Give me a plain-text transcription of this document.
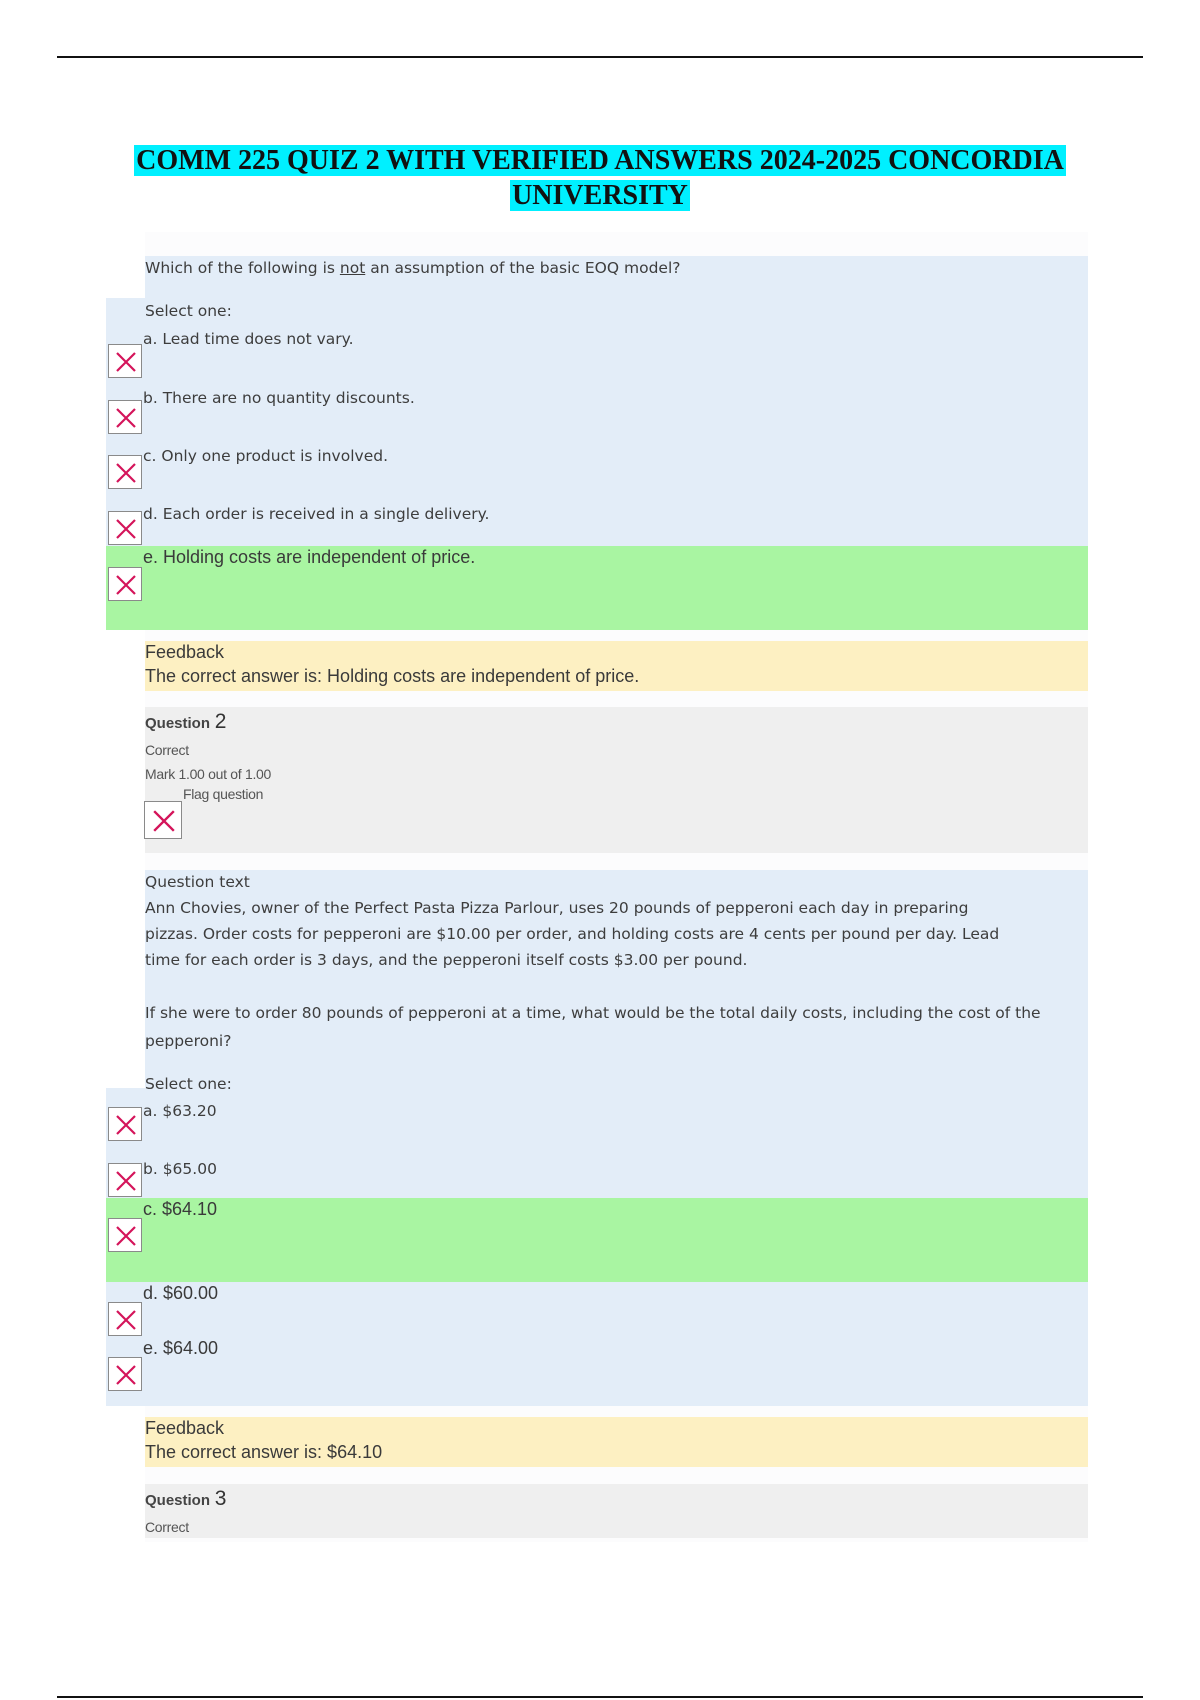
COMM 225 QUIZ 2 WITH VERIFIED ANSWERS 2024-2025 CONCORDIA
UNIVERSITY
Which of the following is not an assumption of the basic EOQ model?
Select one:
a. Lead time does not vary.
b. There are no quantity discounts.
c. Only one product is involved.
d. Each order is received in a single delivery.
e. Holding costs are independent of price.
Feedback
The correct answer is: Holding costs are independent of price.
Question 2
Correct
Mark 1.00 out of 1.00
Flag question
Question text
Ann Chovies, owner of the Perfect Pasta Pizza Parlour, uses 20 pounds of pepperoni each day in preparing
pizzas. Order costs for pepperoni are $10.00 per order, and holding costs are 4 cents per pound per day. Lead
time for each order is 3 days, and the pepperoni itself costs $3.00 per pound.
If she were to order 80 pounds of pepperoni at a time, what would be the total daily costs, including the cost of the
pepperoni?
Select one:
a. $63.20
b. $65.00
c. $64.10
d. $60.00
e. $64.00
Feedback
The correct answer is: $64.10
Question 3
Correct
